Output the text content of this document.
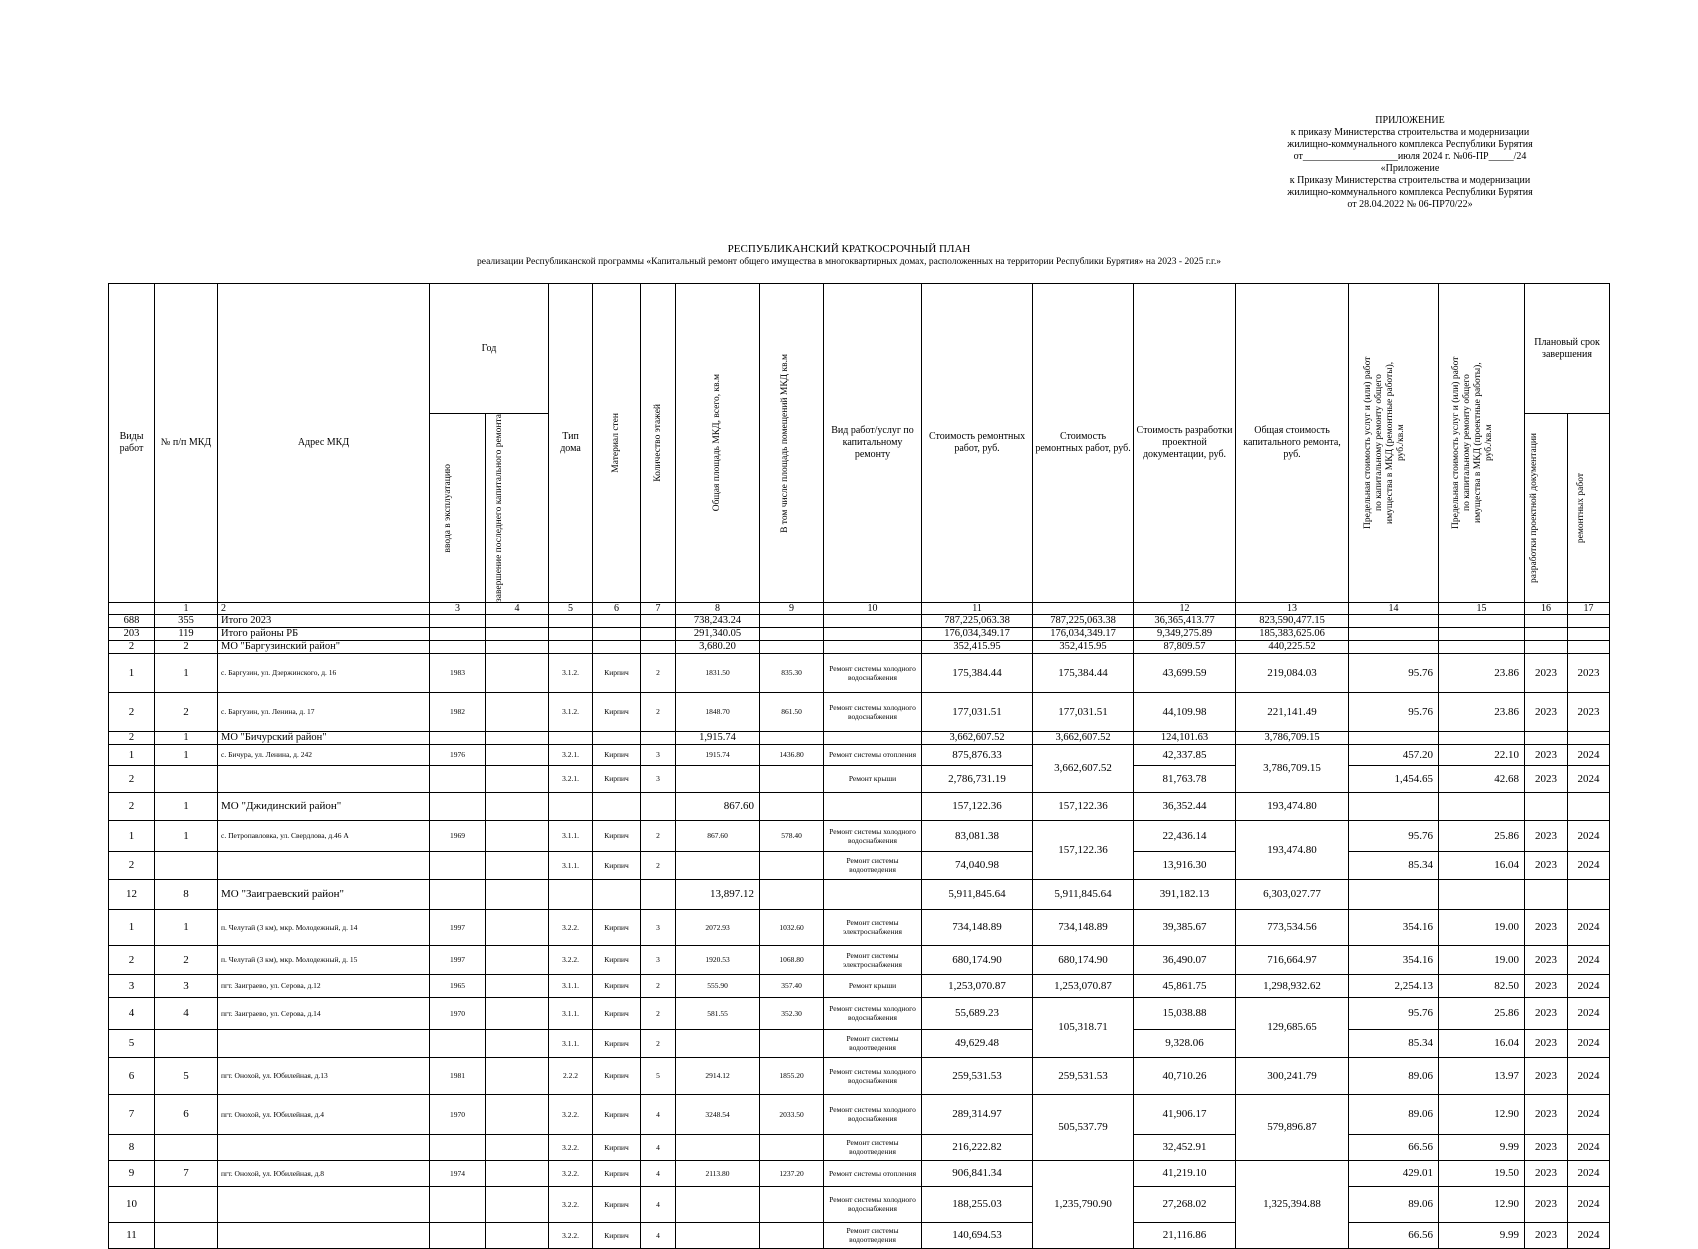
ПРИЛОЖЕНИЕ
к приказу Министерства строительства и модернизации
жилищно-коммунального комплекса Республики Бурятия
от___________________июля 2024 г. №06-ПР_____/24
«Приложение
к Приказу Министерства строительства и модернизации
жилищно-коммунального комплекса Республики Бурятия
от 28.04.2022 № 06-ПР70/22»
РЕСПУБЛИКАНСКИЙ КРАТКОСРОЧНЫЙ ПЛАН
реализации Республиканской программы «Капитальный ремонт общего имущества в многоквартирных домах, расположенных на территории Республики Бурятия» на 2023 - 2025 г.г.»
Виды работ	№ п/п МКД	Адрес МКД	Год		Тип дома	Материал стен	Количество этажей	Общая площадь МКД, всего, кв.м	В том числе площадь помещений МКД кв.м	Вид работ/услуг по капитальному ремонту	Стоимость ремонтных работ, руб.	Стоимость ремонтных работ, руб.	Стоимость разработки проектной документации, руб.	Общая стоимость капитального ремонта, руб.	Предельная стоимость услуг и (или) работ по капитальному ремонту общего имущества в МКД (ремонтные работы), руб./кв.м	Предельная стоимость услуг и (или) работ по капитальному ремонту общего имущества в МКД (проектные работы), руб./кв.м	Плановый срок завершения	

			ввода в эксплуатацию	завершение последнего капитального ремонта													разработки проектной документации	ремонтных работ

	1	2	3	4	5	6	7	8	9	10	11		12	13	14	15	16	17
688	355	Итого 2023						738,243.24			787,225,063.38	787,225,063.38	36,365,413.77	823,590,477.15				
203	119	Итого районы РБ						291,340.05			176,034,349.17	176,034,349.17	9,349,275.89	185,383,625.06				
2	2	МО "Баргузинский район"						3,680.20			352,415.95	352,415.95	87,809.57	440,225.52				
1	1	с. Баргузин, ул. Дзержинского, д. 16	1983		3.1.2.	Кирпич	2	1831.50	835.30	Ремонт системы холодного водоснабжения	175,384.44	175,384.44	43,699.59	219,084.03	95.76	23.86	2023	2023
2	2	с. Баргузин, ул. Ленина, д. 17	1982		3.1.2.	Кирпич	2	1848.70	861.50	Ремонт системы холодного водоснабжения	177,031.51	177,031.51	44,109.98	221,141.49	95.76	23.86	2023	2023
2	1	МО "Бичурский район"						1,915.74			3,662,607.52	3,662,607.52	124,101.63	3,786,709.15				
1	1	с. Бичура, ул. Ленина, д. 242	1976		3.2.1.	Кирпич	3	1915.74	1436.80	Ремонт системы отопления	875,876.33	3,662,607.52	42,337.85	3,786,709.15	457.20	22.10	2023	2024
2					3.2.1.	Кирпич	3			Ремонт крыши	2,786,731.19		81,763.78		1,454.65	42.68	2023	2024
2	1	МО "Джидинский район"						867.60			157,122.36	157,122.36	36,352.44	193,474.80				
1	1	с. Петропавловка, ул. Свердлова, д.46 А	1969		3.1.1.	Кирпич	2	867.60	578.40	Ремонт системы холодного водоснабжения	83,081.38	157,122.36	22,436.14	193,474.80	95.76	25.86	2023	2024
2					3.1.1.	Кирпич	2			Ремонт системы водоотведения	74,040.98		13,916.30		85.34	16.04	2023	2024
12	8	МО "Заиграевский район"						13,897.12			5,911,845.64	5,911,845.64	391,182.13	6,303,027.77				
1	1	п. Челутай (3 км), мкр. Молодежный, д. 14	1997		3.2.2.	Кирпич	3	2072.93	1032.60	Ремонт системы электроснабжения	734,148.89	734,148.89	39,385.67	773,534.56	354.16	19.00	2023	2024
2	2	п. Челутай (3 км), мкр. Молодежный, д. 15	1997		3.2.2.	Кирпич	3	1920.53	1068.80	Ремонт системы электроснабжения	680,174.90	680,174.90	36,490.07	716,664.97	354.16	19.00	2023	2024
3	3	пгт. Заиграево, ул. Серова, д.12	1965		3.1.1.	Кирпич	2	555.90	357.40	Ремонт крыши	1,253,070.87	1,253,070.87	45,861.75	1,298,932.62	2,254.13	82.50	2023	2024
4	4	пгт. Заиграево, ул. Серова, д.14	1970		3.1.1.	Кирпич	2	581.55	352.30	Ремонт системы холодного водоснабжения	55,689.23	105,318.71	15,038.88	129,685.65	95.76	25.86	2023	2024
5					3.1.1.	Кирпич	2			Ремонт системы водоотведения	49,629.48		9,328.06		85.34	16.04	2023	2024
6	5	пгт. Онохой, ул. Юбилейная, д.13	1981		2.2.2	Кирпич	5	2914.12	1855.20	Ремонт системы холодного водоснабжения	259,531.53	259,531.53	40,710.26	300,241.79	89.06	13.97	2023	2024
7	6	пгт. Онохой, ул. Юбилейная, д.4	1970		3.2.2.	Кирпич	4	3248.54	2033.50	Ремонт системы холодного водоснабжения	289,314.97	505,537.79	41,906.17	579,896.87	89.06	12.90	2023	2024
8					3.2.2.	Кирпич	4			Ремонт системы водоотведения	216,222.82		32,452.91		66.56	9.99	2023	2024
9	7	пгт. Онохой, ул. Юбилейная, д.8	1974		3.2.2.	Кирпич	4	2113.80	1237.20	Ремонт системы отопления	906,841.34	1,235,790.90	41,219.10	1,325,394.88	429.01	19.50	2023	2024
10					3.2.2.	Кирпич	4			Ремонт системы холодного водоснабжения	188,255.03		27,268.02		89.06	12.90	2023	2024
11					3.2.2.	Кирпич	4			Ремонт системы водоотведения	140,694.53		21,116.86		66.56	9.99	2023	2024
